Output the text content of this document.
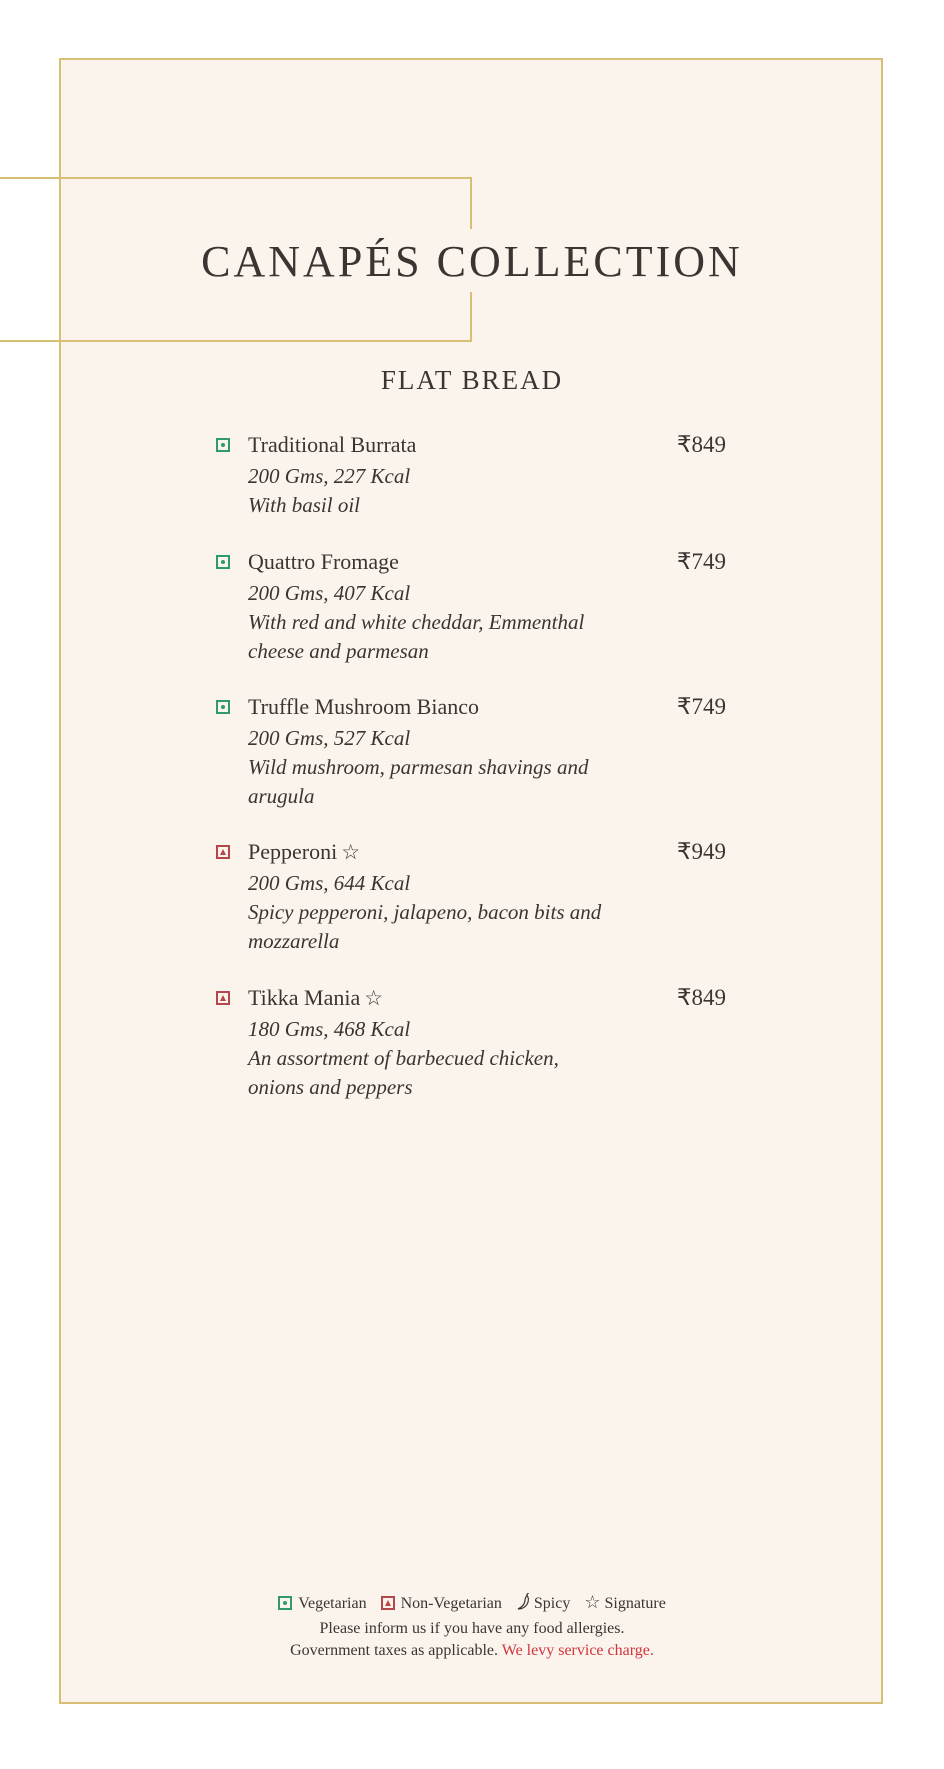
CANAPÉS COLLECTION
FLAT BREAD
Traditional Burrata	₹849
200 Gms, 227 Kcal
With basil oil
Quattro Fromage	₹749
200 Gms, 407 Kcal
With red and white cheddar, Emmenthal cheese and parmesan
Truffle Mushroom Bianco	₹749
200 Gms, 527 Kcal
Wild mushroom, parmesan shavings and arugula
Pepperoni ☆	₹949
200 Gms, 644 Kcal
Spicy pepperoni, jalapeno, bacon bits and mozzarella
Tikka Mania ☆	₹849
180 Gms, 468 Kcal
An assortment of barbecued chicken, onions and peppers
Vegetarian Non-Vegetarian Spicy ☆ Signature
Please inform us if you have any food allergies.
Government taxes as applicable. We levy service charge.
